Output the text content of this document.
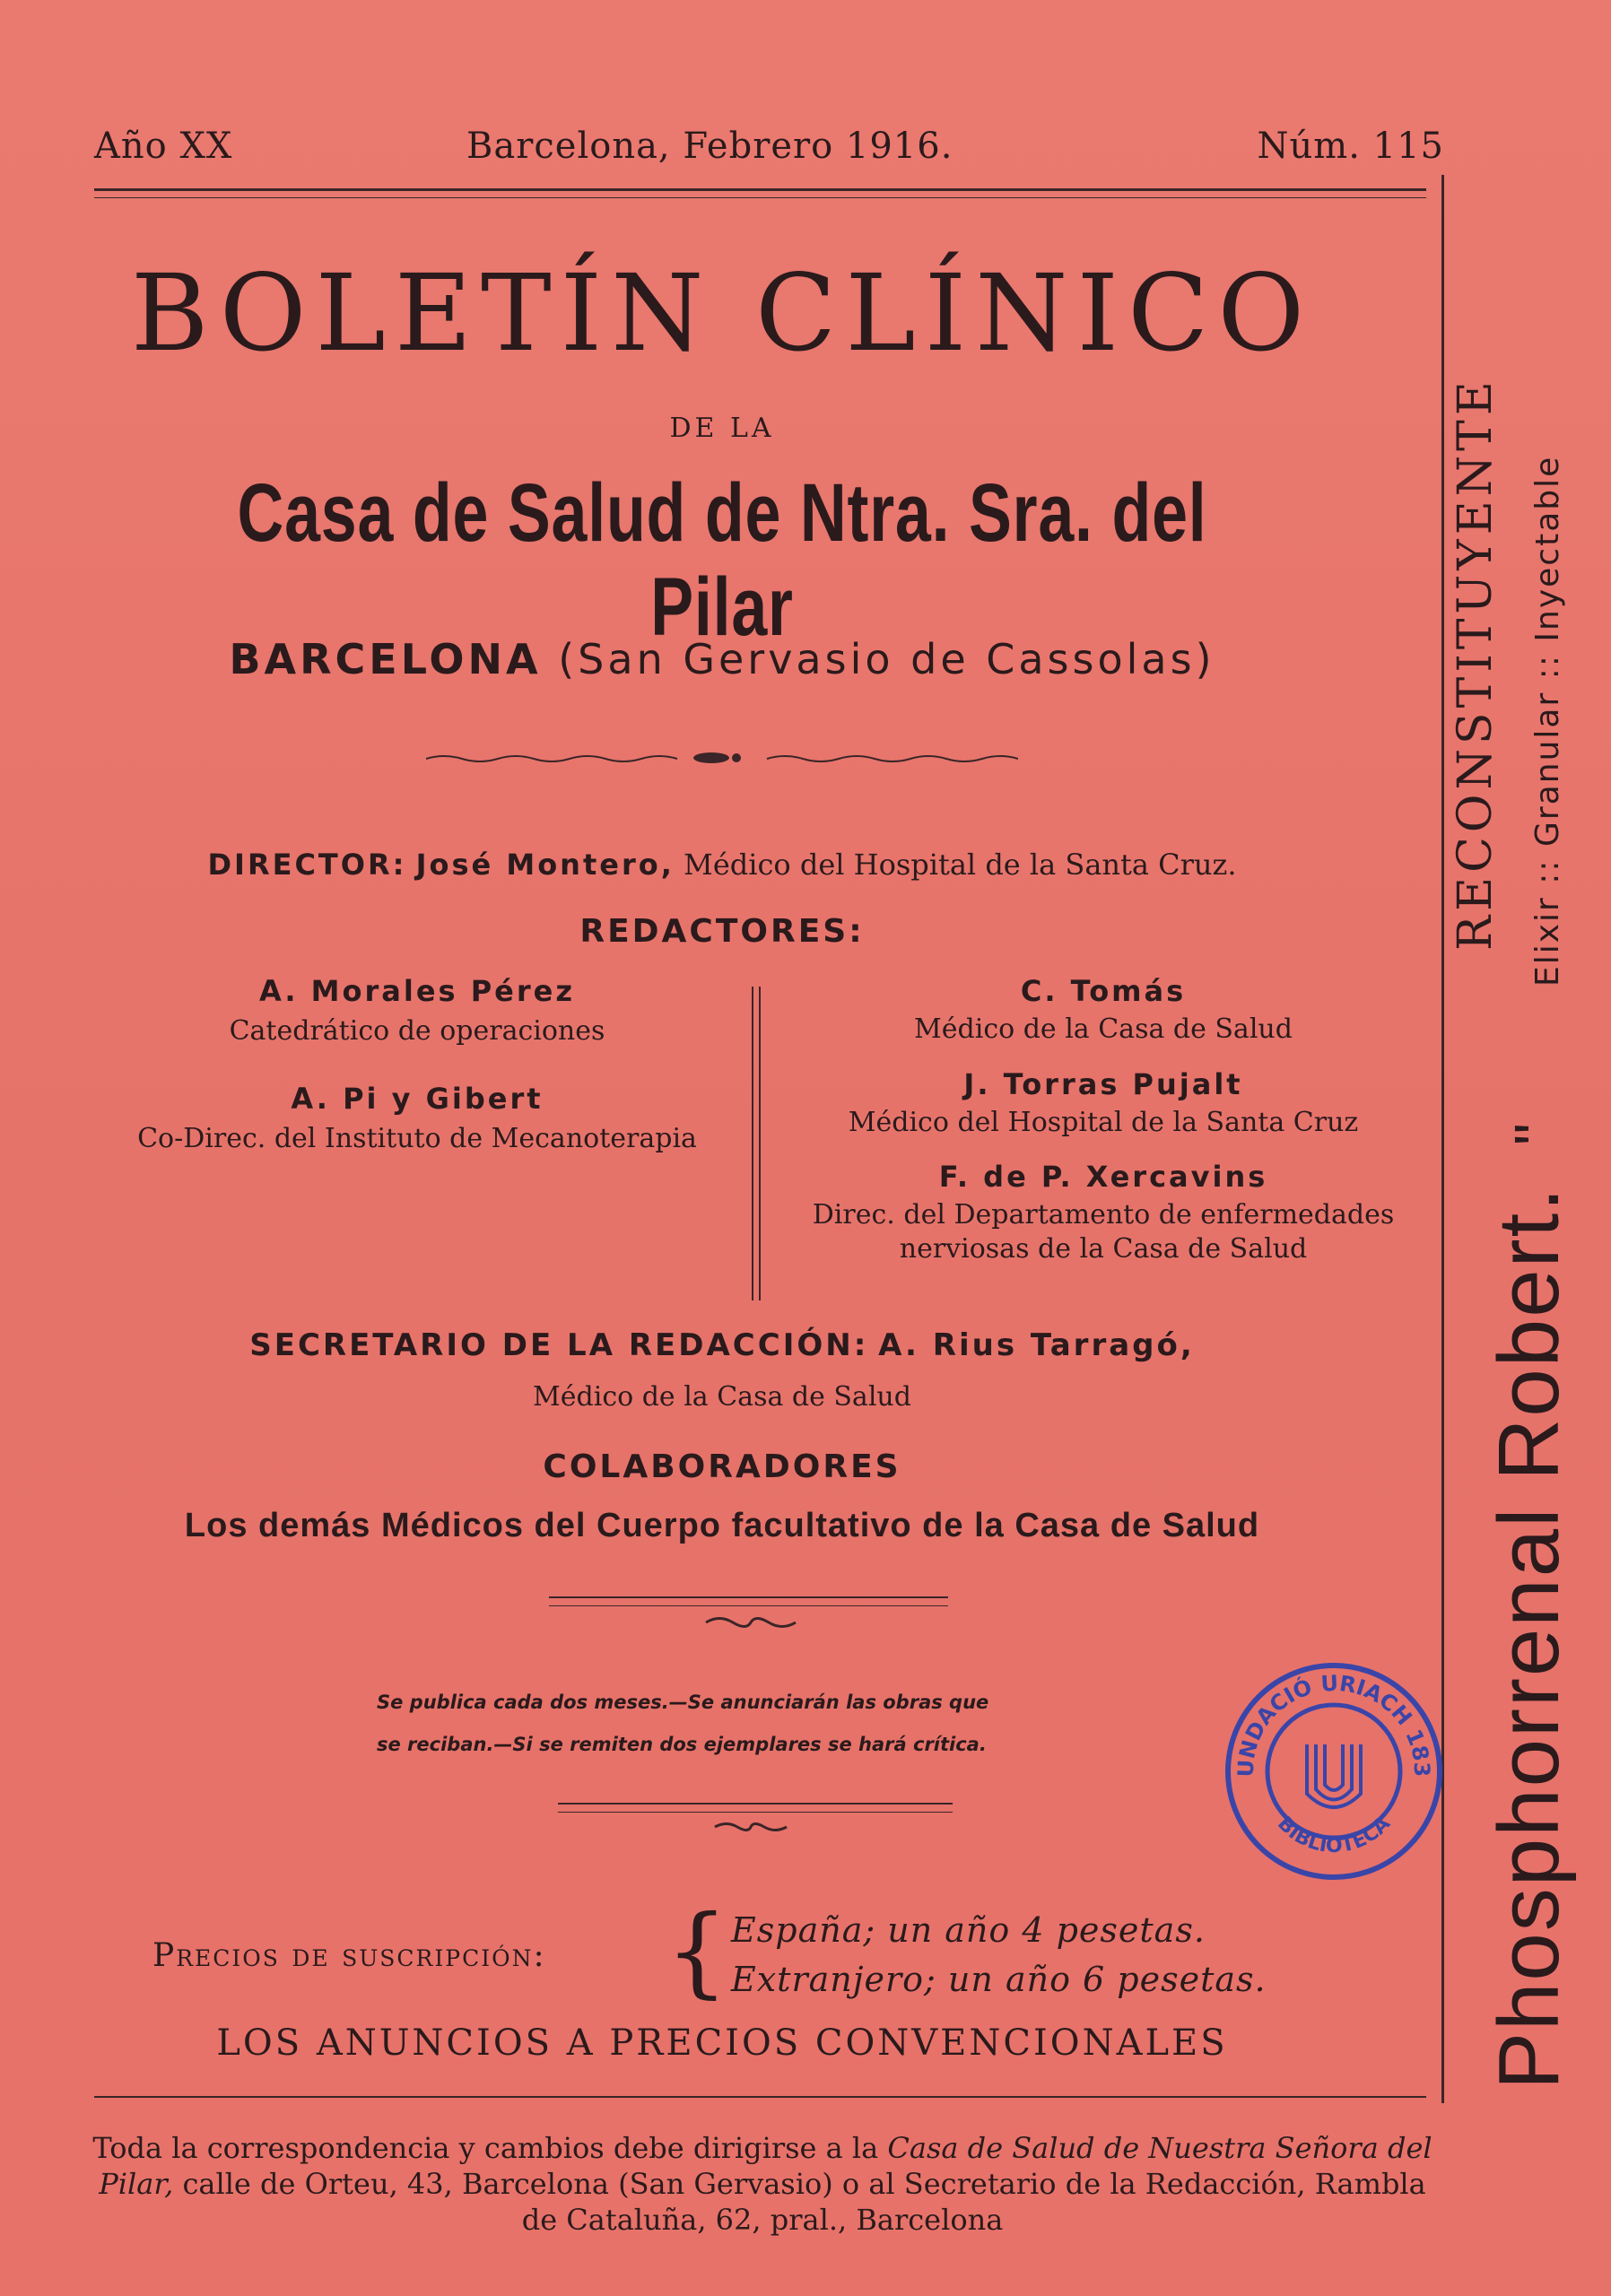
Año XX	Barcelona, Febrero 1916.	Núm. 115
BOLETÍN CLÍNICO
DE LA
Casa de Salud de Ntra. Sra. del Pilar
BARCELONA (San Gervasio de Cassolas)
DIRECTOR: José Montero, Médico del Hospital de la Santa Cruz.
REDACTORES:
A. Morales Pérez
Catedrático de operaciones
A. Pi y Gibert
Co-Direc. del Instituto de Mecanoterapia
C. Tomás
Médico de la Casa de Salud
J. Torras Pujalt
Médico del Hospital de la Santa Cruz
F. de P. Xercavins
Direc. del Departamento de enfermedades
nerviosas de la Casa de Salud
SECRETARIO DE LA REDACCIÓN: A. Rius Tarragó,
Médico de la Casa de Salud
COLABORADORES
Los demás Médicos del Cuerpo facultativo de la Casa de Salud
Se publica cada dos meses.—Se anunciarán las obras que
se reciban.—Si se remiten dos ejemplares se hará crítica.
Precios de suscripción: { España; un año 4 pesetas.
Extranjero; un año 6 pesetas.
LOS ANUNCIOS A PRECIOS CONVENCIONALES
Toda la correspondencia y cambios debe dirigirse a la Casa de Salud de Nuestra Señora del Pilar, calle de Orteu, 43, Barcelona (San Gervasio) o al Secretario de la Redacción, Rambla de Cataluña, 62, pral., Barcelona
RECONSTITUYENTE Elixir :: Granular :: Inyectable
Phosphorrenal Robert. "
UNDACIÓ URIACH 183
BIBLIOTECA
